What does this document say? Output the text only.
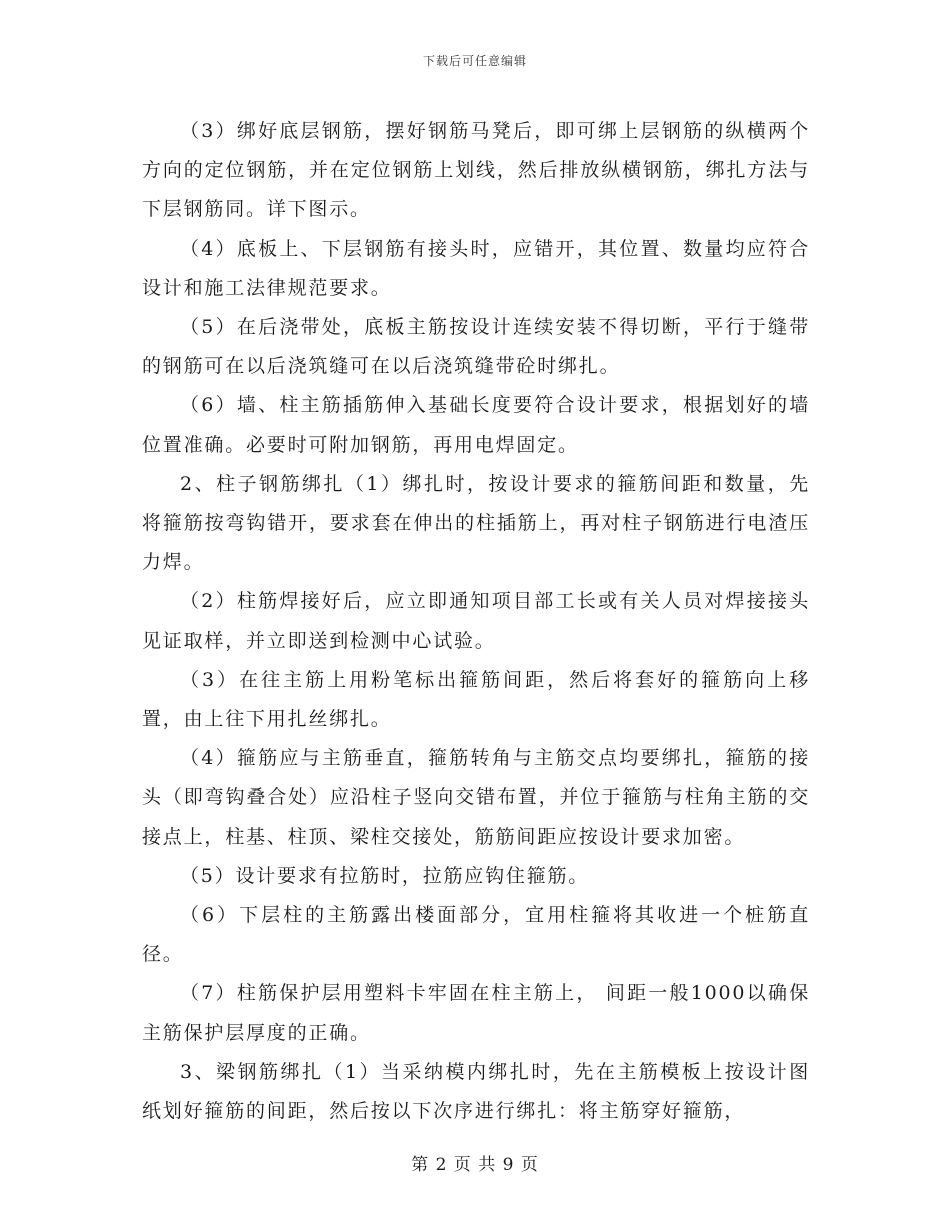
下载后可任意编辑

（3）绑好底层钢筋，摆好钢筋马凳后，即可绑上层钢筋的纵横两个方向的定位钢筋，并在定位钢筋上划线，然后排放纵横钢筋，绑扎方法与下层钢筋同。详下图示。

（4）底板上、下层钢筋有接头时，应错开，其位置、数量均应符合设计和施工法律规范要求。

（5）在后浇带处，底板主筋按设计连续安装不得切断，平行于缝带的钢筋可在以后浇筑缝可在以后浇筑缝带砼时绑扎。

（6）墙、柱主筋插筋伸入基础长度要符合设计要求，根据划好的墙位置准确。必要时可附加钢筋，再用电焊固定。

2、柱子钢筋绑扎（1）绑扎时，按设计要求的箍筋间距和数量，先将箍筋按弯钩错开，要求套在伸出的柱插筋上，再对柱子钢筋进行电渣压力焊。

（2）柱筋焊接好后，应立即通知项目部工长或有关人员对焊接接头见证取样，并立即送到检测中心试验。

（3）在往主筋上用粉笔标出箍筋间距，然后将套好的箍筋向上移置，由上往下用扎丝绑扎。

（4）箍筋应与主筋垂直，箍筋转角与主筋交点均要绑扎，箍筋的接头（即弯钩叠合处）应沿柱子竖向交错布置，并位于箍筋与柱角主筋的交接点上，柱基、柱顶、梁柱交接处，筋筋间距应按设计要求加密。

（5）设计要求有拉筋时，拉筋应钩住箍筋。

（6）下层柱的主筋露出楼面部分，宜用柱箍将其收进一个桩筋直径。

（7）柱筋保护层用塑料卡牢固在柱主筋上， 间距一般1000以确保主筋保护层厚度的正确。

3、梁钢筋绑扎（1）当采纳模内绑扎时，先在主筋模板上按设计图纸划好箍筋的间距，然后按以下次序进行绑扎：将主筋穿好箍筋，

第 2 页 共 9 页
